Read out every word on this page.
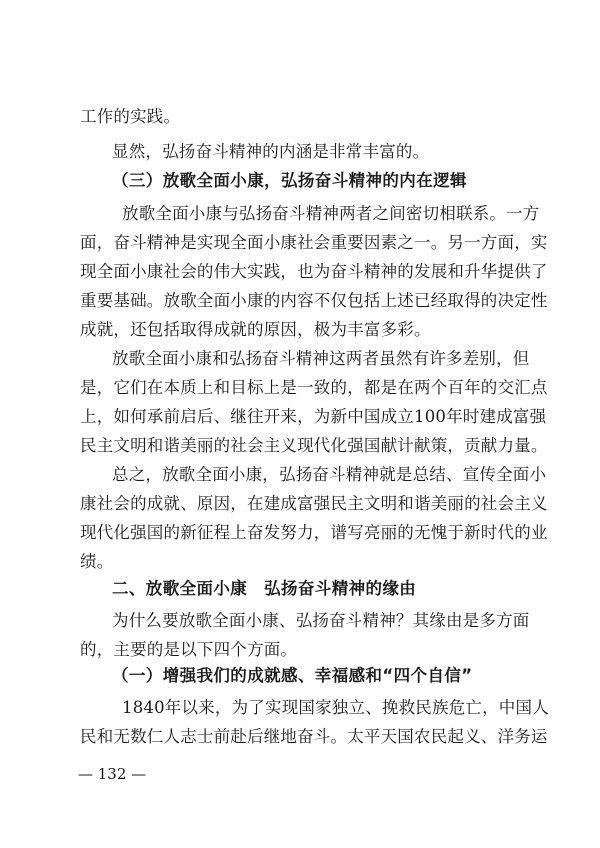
工作的实践。
显然，弘扬奋斗精神的内涵是非常丰富的。
（三）放歌全面小康，弘扬奋斗精神的内在逻辑
放歌全面小康与弘扬奋斗精神两者之间密切相联系。一方
面，奋斗精神是实现全面小康社会重要因素之一。另一方面，实
现全面小康社会的伟大实践，也为奋斗精神的发展和升华提供了
重要基础。放歌全面小康的内容不仅包括上述已经取得的决定性
成就，还包括取得成就的原因，极为丰富多彩。
放歌全面小康和弘扬奋斗精神这两者虽然有许多差别，但
是，它们在本质上和目标上是一致的，都是在两个百年的交汇点
上，如何承前启后、继往开来，为新中国成立100年时建成富强
民主文明和谐美丽的社会主义现代化强国献计献策，贡献力量。
总之，放歌全面小康，弘扬奋斗精神就是总结、宣传全面小
康社会的成就、原因，在建成富强民主文明和谐美丽的社会主义
现代化强国的新征程上奋发努力，谱写亮丽的无愧于新时代的业
绩。
二、放歌全面小康　弘扬奋斗精神的缘由
为什么要放歌全面小康、弘扬奋斗精神？其缘由是多方面
的，主要的是以下四个方面。
（一）增强我们的成就感、幸福感和“四个自信”
1840年以来，为了实现国家独立、挽救民族危亡，中国人
民和无数仁人志士前赴后继地奋斗。太平天国农民起义、洋务运
— 132 —
